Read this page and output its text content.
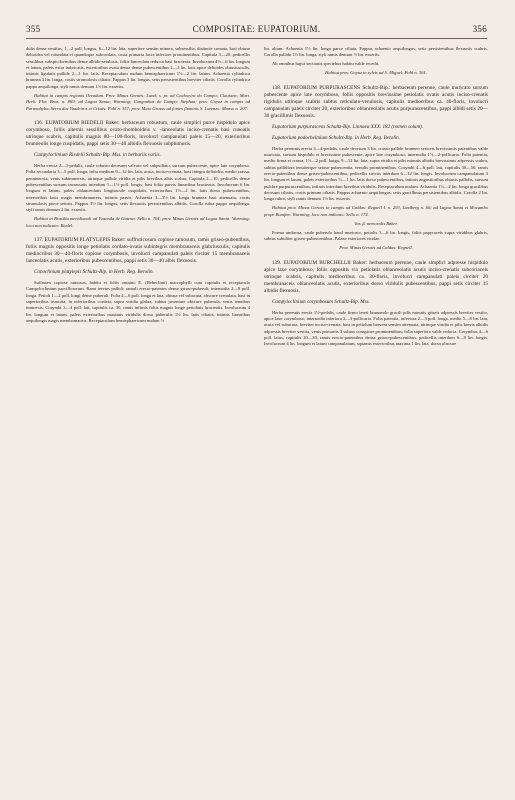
355	COMPOSITAE: EUPATORIUM.	356

dulis dense vestitus, 1—2 poll. longus, 6—12 lin. lata, superiore sensim minora, subsessilia, distincte crenata, basi obtuse deltoidea vel rotundata et quandoque subcordata, costa primaria facie inferiore prominentibus. Capitula 3—20, pedicellis sessilibus subspiciformibus dense albido-setulosis, foliis lanceolata reducta basi bracteata. Involucrum 4½—6 lin. longum et latum, paleis extra imbricatis, exterioribus ovata dense dense pubescentibus 2—3 lin. latis apice deltoides obtusiusculis, intimis ligulatis pallide 2—1 lin. latis. Receptaculum nudum hemisphaericum 1½—2 lin. latum. Achaenia cylindrica brunnea 3 lin. longa, costis strumulosis ciliatis. Pappus 3 lin. longus, setis persistentibus breviter ciliatis. Corolla cylindrica pappo aequilonga, styli ramis demum 1½ lin. exsertis.

Habitat in campis regionis Oreadum. Prov. Minas Geraës: Lund; s. pr. ad Cachoeira do Campo; Claussen; Mart. Herb. Flor. Bras. n. 869; ad Lagoa Santa; Warming; Congonhas do Campo: Stephan; prov. Goyaz in campis ad Paranahyba, Serra dos Vaadeiros et Crixás: Pohl n. 357; prov. Mato Grosso ad fontes fluminis S. Lorenzo: Manso n. 207.

136. EUPATORIUM RIEDELII Baker: herbaceum robustum, caule simplici purce hispidulo apice corymboso, foliis alternis sessilibus ovato-rhomboideis v. -lanceolatis inciso-crenatis basi cuneatis utrinque scabris, capitulis magnis 80—100-floris, involucri campanulati paleis 15—20, exterioribus brunneolis longe cuspidatis, pappi setis 30—40 albidis flexuosis subplumosis.

Campyloclinium Riedelii Schultz-Bip. Mss. in herbariis variis.

Herba erecta 2—3-pedalis, caule robusto deorsum valvato vel subpsiliato, sursum pubescente, apice late corymboso. Folia secundaria 3—5 poll. longa, infra medium 9—12 lin. lata, acuta, inciso-crenata, basi integra deltoidea, medio crassa, penninervia, venis subimmersis, utrinque pallide viridia et pilis brevibus albis scabra. Capitula 2—10, pedicellis dense pubescentibus sursum incrassatis interdum 1—1½ poll. longis, basi foliis parvis linearibus bracteatis. Involucrum 6 lin. longum et latum, paleis oblanceolatis longiuscule cuspidatis, exterioribus 1½—2 lin. latis dorso pubescentibus, interioribus laxis magis membranaceis, intimis parvis. Achaenia 3—3½ lin. longa brunnea basi attenuata, costis strumulosis parce setosis. Pappus 3½ lin. longus, setis flexuosis persistentibus albidis. Corolla rubra pappo aequilonga, styli ramis demum 2 lin. exsertis.

Habitat in Brasilia meridionali ad Fazenda de Gutena: Sello n. 704; prov. Minas Geraës ad Lagoa Santa: Warming; loco non indicato: Riedel.

137. EUPATORIUM PLATYLEPIS Baker: suffruticosum copiose ramosum, ramis griseo-pubentibus, foliis magnis oppositis longe petiolatis cordato-ovatis subintegris membranaceis glabriusculis, capitulis mediocribus 30—40-floris copiose corymbosis, involucri campanulati paleis circiter 15 membranaceis lanceolatis acutis, exterioribus pubescentibus, pappi setis 30—40 albis flexuosis.

Conoclinium platylepis Schultz-Bip. in Herb. Reg. Berolin.

Suffrutex copiose ramosus, habitu et foliis omnino E. (Hebeclinii) macrophylli cum capitulis et receptaculo Campyloclinium parviflororum. Rami teretes pallidi; ramuli erecto-patentes dense griseo-puberuli; internodia 2—8 poll. longa. Petioli 1—2 poll. longi dense puberuli. Folia 4—6 poll. longa et lata, obtusa vel subacuta, obscure crenulata, basi in superioribus truncata, in inferioribus cordata, supra viridia glabra, subtus juventute obscure puberula, venis tenuibus immersis. Corymbi 3—4 poll. lati, capitulis ca. 30, ramis infimis foliis magnis longe petiolatis bracteatis. Involucrum 4 lin. longum et latum, paleis exterioribus maximis viridulis dorso puberulis 1½ lin. latis ciliatis, intimis linearibus aequilongis magis membranaceis. Receptaculum hemisphaericum nudum ½

lin. altum. Achaenia 1½ lin. longa parce ciliata. Pappus achaenio aequilongus, setis persistentibus flexuosis scabris. Corolla pallida 1½ lin. longa, styli ramis demum ½ lin. exsertis.

Ab omnibus hujus sectionis speciebus habitu valde recedit.

Habitat prov. Goyaz in sylvis ad S. Miguel: Pohl n. 361.

138. EUPATORIUM PURPURASCENS Schultz-Bip.: herbaceum perenne, caule muricato sursum pubescente apice late corymboso, foliis oppositis breviusime petiolatis ovatis acutis inciso-crenatis rigidulis utrinque scabris subtus reticulato-venulosis, capitulis mediocribus ca. 40-floris, involucri campanulati paleis circiter 20, exterioribus oblanceolatis acutis purpurascentibus, pappi albidi setis 20—30 gracillimis flexuosis.

Eupatorium purpurascens Schultz-Bip. Linnaea XXX. 182 (nomen solum).

Eupatorium podocheimium Schultz-Bip. in Herb. Reg. Berolin.

Herba perennis erecta 3—4-pedalis, caule deorsum 3 lin. crasso pallide brunneo sericeis brevissimis patentibus valde muricato, sursum hispidulo et brevissime pubescente, apice late corymboso; internodia 1½—2-pollicaria. Folia patentia, medio firma et crassa, 1½—2 poll. longa, 9—12 lin. lata, supra viridia et pilis minutis albidis brevissimis adpressis scabra, subtus pallidiora tenuiterque setoso-pubescentia, venulis prominentibus. Corymbi 4—6 poll. lati, capitulis 30—50, ramis erecto-patentibus dense griseo-pubescentibus, pedicellis strictis interdum 6—12 lin. longis. Involucrum campanulatum 3 lin. longum et latum, paleis exterioribus ½—1 lin. latis dorso pubescentibus, intimis angustioribus obtusis pallidis, sursum pulchre purpurascentibus, infimis interdum brevibus viridulis. Receptaculum nudum. Achaenia 1½—2 lin. longa gracilibus deorsum ciliatis, costis primum ciliatis. Pappus achaenio aequilongus, setis gracillimis persistentibus albidis. Corolla 2 lin. longa rubra, styli ramis demum 1½ lin. exsertis.

Habitat prov. Minas Geraës in campis ad Caldas: Regnell I. n. 293, Lindberg n. 66; ad Lagoa Santa et Mocambo prope Bomfim: Warming; loco non indicato: Sello n. 174.

Var. β. nemoralis Baker.

Forma umbrosa, caule puberulo haud muricato, petiolis 3—6 lin. longis, foliis papyraceis supra viridibus glabris, subtus subtiliter griseo-pubescentibus. Paleae exteriores viridae.

Prov. Minas Geraës ad Caldas: Regnell.

139. EUPATORIUM BURCHELLII Baker: herbaceum perenne, caule simplici adpresse hispidulo apice laxe corymboso, foliis oppositis vix petiolatis oblanceolatis acutis inciso-crenatis subcoriaceis utrinque scabris, capitulis mediocribus ca. 30-floris, involucri campanulati paleis circiter 20 membranaceis oblanceolatis acutis, exterioribus dorso viridulis pubescentibus, pappi setis circiter 15 albidis flexuosis.

Campyloclinium corymbosum Schultz-Bip. Mss.

Herba perennis erecta 1½-pedalis, caule firmo tereti brunneolo gracili pilis minutis griseis adpressis breviter vestito, apice laxe corymboso; internodia inferiora 2—3-pollicaria. Folia patentia, inferiora 2—3 poll. longa, medio 5—8 lin. lata, acuta vel subacuta, breviter inciso-crenata, basi in petiolum brevem sensim attenuata, utrinque viridia et pilis brevis albidis adpressis breviter vestita, venis primariis 3 subtus conspicue prominentibus; folia superiora valde reducta. Corymbus 4—6 poll. latus, capitulis 20—30, ramis erecto-patentibus dense griseo-pubescentibus, pedicellis interdum 6—9 lin. longis. Involucrum 4 lin. longum et latum campanulatum, squamis exterioribus maxima 1 lin. lata, dorso obscure
